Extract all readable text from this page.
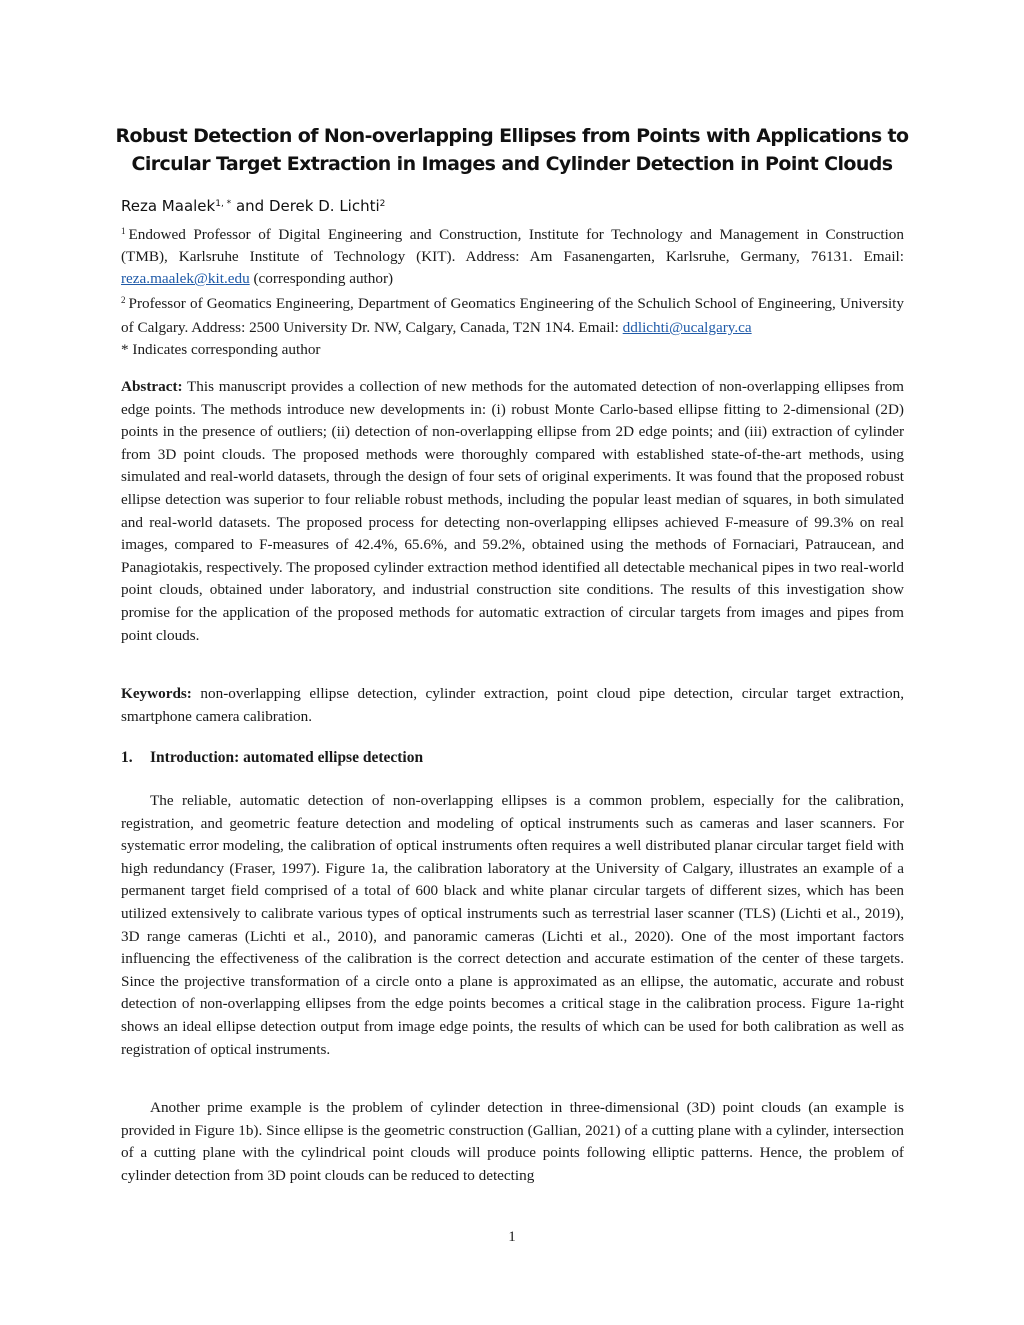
Robust Detection of Non-overlapping Ellipses from Points with Applications to
Circular Target Extraction in Images and Cylinder Detection in Point Clouds
Reza Maalek$^{1, *}$ and Derek D. Lichti$^2$
$^1$ Endowed Professor of Digital Engineering and Construction, Institute for Technology and Management in Construction (TMB), Karlsruhe Institute of Technology (KIT). Address: Am Fasanengarten, Karlsruhe, Germany, 76131. Email: reza.maalek@kit.edu (corresponding author)
$^2$ Professor of Geomatics Engineering, Department of Geomatics Engineering of the Schulich School of Engineering, University of Calgary. Address: 2500 University Dr. NW, Calgary, Canada, T2N 1N4. Email: ddlichti@ucalgary.ca
* Indicates corresponding author
Abstract: This manuscript provides a collection of new methods for the automated detection of non-overlapping ellipses from edge points. The methods introduce new developments in: (i) robust Monte Carlo-based ellipse fitting to 2-dimensional (2D) points in the presence of outliers; (ii) detection of non-overlapping ellipse from 2D edge points; and (iii) extraction of cylinder from 3D point clouds. The proposed methods were thoroughly compared with established state-of-the-art methods, using simulated and real-world datasets, through the design of four sets of original experiments. It was found that the proposed robust ellipse detection was superior to four reliable robust methods, including the popular least median of squares, in both simulated and real-world datasets. The proposed process for detecting non-overlapping ellipses achieved F-measure of 99.3% on real images, compared to F-measures of 42.4%, 65.6%, and 59.2%, obtained using the methods of Fornaciari, Patraucean, and Panagiotakis, respectively. The proposed cylinder extraction method identified all detectable mechanical pipes in two real-world point clouds, obtained under laboratory, and industrial construction site conditions. The results of this investigation show promise for the application of the proposed methods for automatic extraction of circular targets from images and pipes from point clouds.
Keywords: non-overlapping ellipse detection, cylinder extraction, point cloud pipe detection, circular target extraction, smartphone camera calibration.
1. Introduction: automated ellipse detection
The reliable, automatic detection of non-overlapping ellipses is a common problem, especially for the calibration, registration, and geometric feature detection and modeling of optical instruments such as cameras and laser scanners. For systematic error modeling, the calibration of optical instruments often requires a well distributed planar circular target field with high redundancy (Fraser, 1997). Figure 1a, the calibration laboratory at the University of Calgary, illustrates an example of a permanent target field comprised of a total of 600 black and white planar circular targets of different sizes, which has been utilized extensively to calibrate various types of optical instruments such as terrestrial laser scanner (TLS) (Lichti et al., 2019), 3D range cameras (Lichti et al., 2010), and panoramic cameras (Lichti et al., 2020). One of the most important factors influencing the effectiveness of the calibration is the correct detection and accurate estimation of the center of these targets. Since the projective transformation of a circle onto a plane is approximated as an ellipse, the automatic, accurate and robust detection of non-overlapping ellipses from the edge points becomes a critical stage in the calibration process. Figure 1a-right shows an ideal ellipse detection output from image edge points, the results of which can be used for both calibration as well as registration of optical instruments.
Another prime example is the problem of cylinder detection in three-dimensional (3D) point clouds (an example is provided in Figure 1b). Since ellipse is the geometric construction (Gallian, 2021) of a cutting plane with a cylinder, intersection of a cutting plane with the cylindrical point clouds will produce points following elliptic patterns. Hence, the problem of cylinder detection from 3D point clouds can be reduced to detecting
1
